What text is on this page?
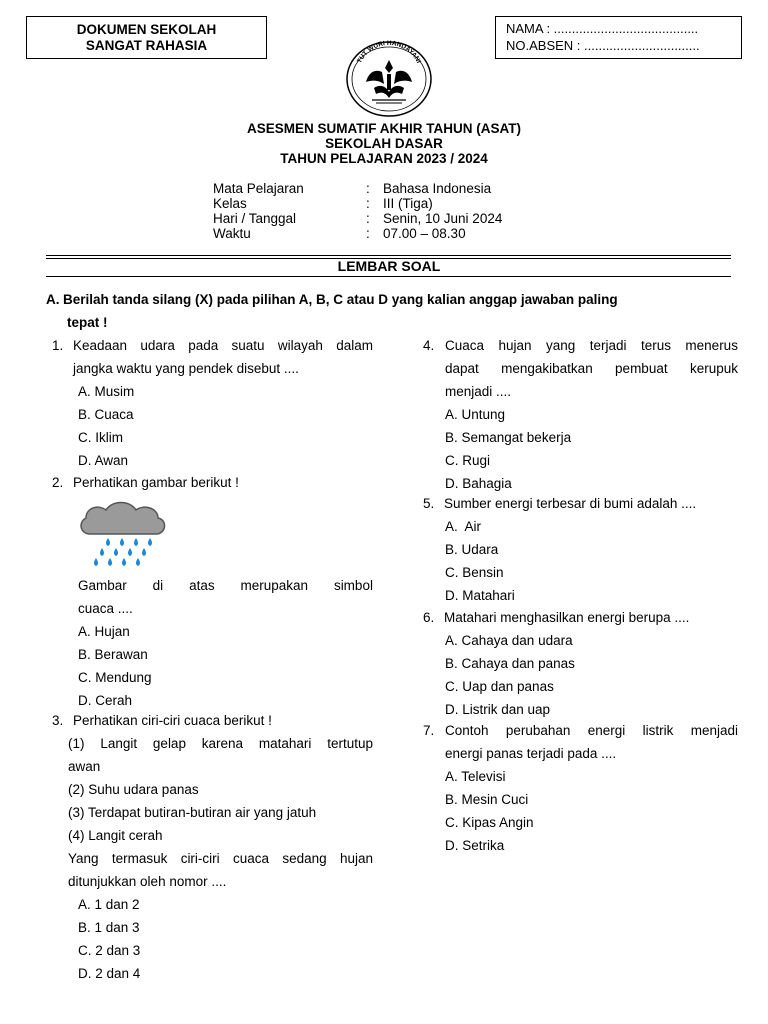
DOKUMEN SEKOLAH
SANGAT RAHASIA
NAMA : ........................................
NO.ABSEN : ................................
TUT WURI HANDAYANI
ASESMEN SUMATIF AKHIR TAHUN (ASAT)
SEKOLAH DASAR
TAHUN PELAJARAN 2023 / 2024
Mata Pelajaran	: Bahasa Indonesia
Kelas	: III (Tiga)
Hari / Tanggal	: Senin, 10 Juni 2024
Waktu	: 07.00 – 08.30
LEMBAR SOAL
A. Berilah tanda silang (X) pada pilihan A, B, C atau D yang kalian anggap jawaban paling
tepat !
1. Keadaan udara pada suatu wilayah dalam
jangka waktu yang pendek disebut ....
A. Musim
B. Cuaca
C. Iklim
D. Awan
2. Perhatikan gambar berikut !
Gambar di atas merupakan simbol
cuaca ....
A. Hujan
B. Berawan
C. Mendung
D. Cerah
3. Perhatikan ciri-ciri cuaca berikut !
(1) Langit gelap karena matahari tertutup
awan
(2) Suhu udara panas
(3) Terdapat butiran-butiran air yang jatuh
(4) Langit cerah
Yang termasuk ciri-ciri cuaca sedang hujan
ditunjukkan oleh nomor ....
A. 1 dan 2
B. 1 dan 3
C. 2 dan 3
D. 2 dan 4
4. Cuaca hujan yang terjadi terus menerus
dapat mengakibatkan pembuat kerupuk
menjadi ....
A. Untung
B. Semangat bekerja
C. Rugi
D. Bahagia
5. Sumber energi terbesar di bumi adalah ....
A.  Air
B. Udara
C. Bensin
D. Matahari
6. Matahari menghasilkan energi berupa ....
A. Cahaya dan udara
B. Cahaya dan panas
C. Uap dan panas
D. Listrik dan uap
7. Contoh perubahan energi listrik menjadi
energi panas terjadi pada ....
A. Televisi
B. Mesin Cuci
C. Kipas Angin
D. Setrika
